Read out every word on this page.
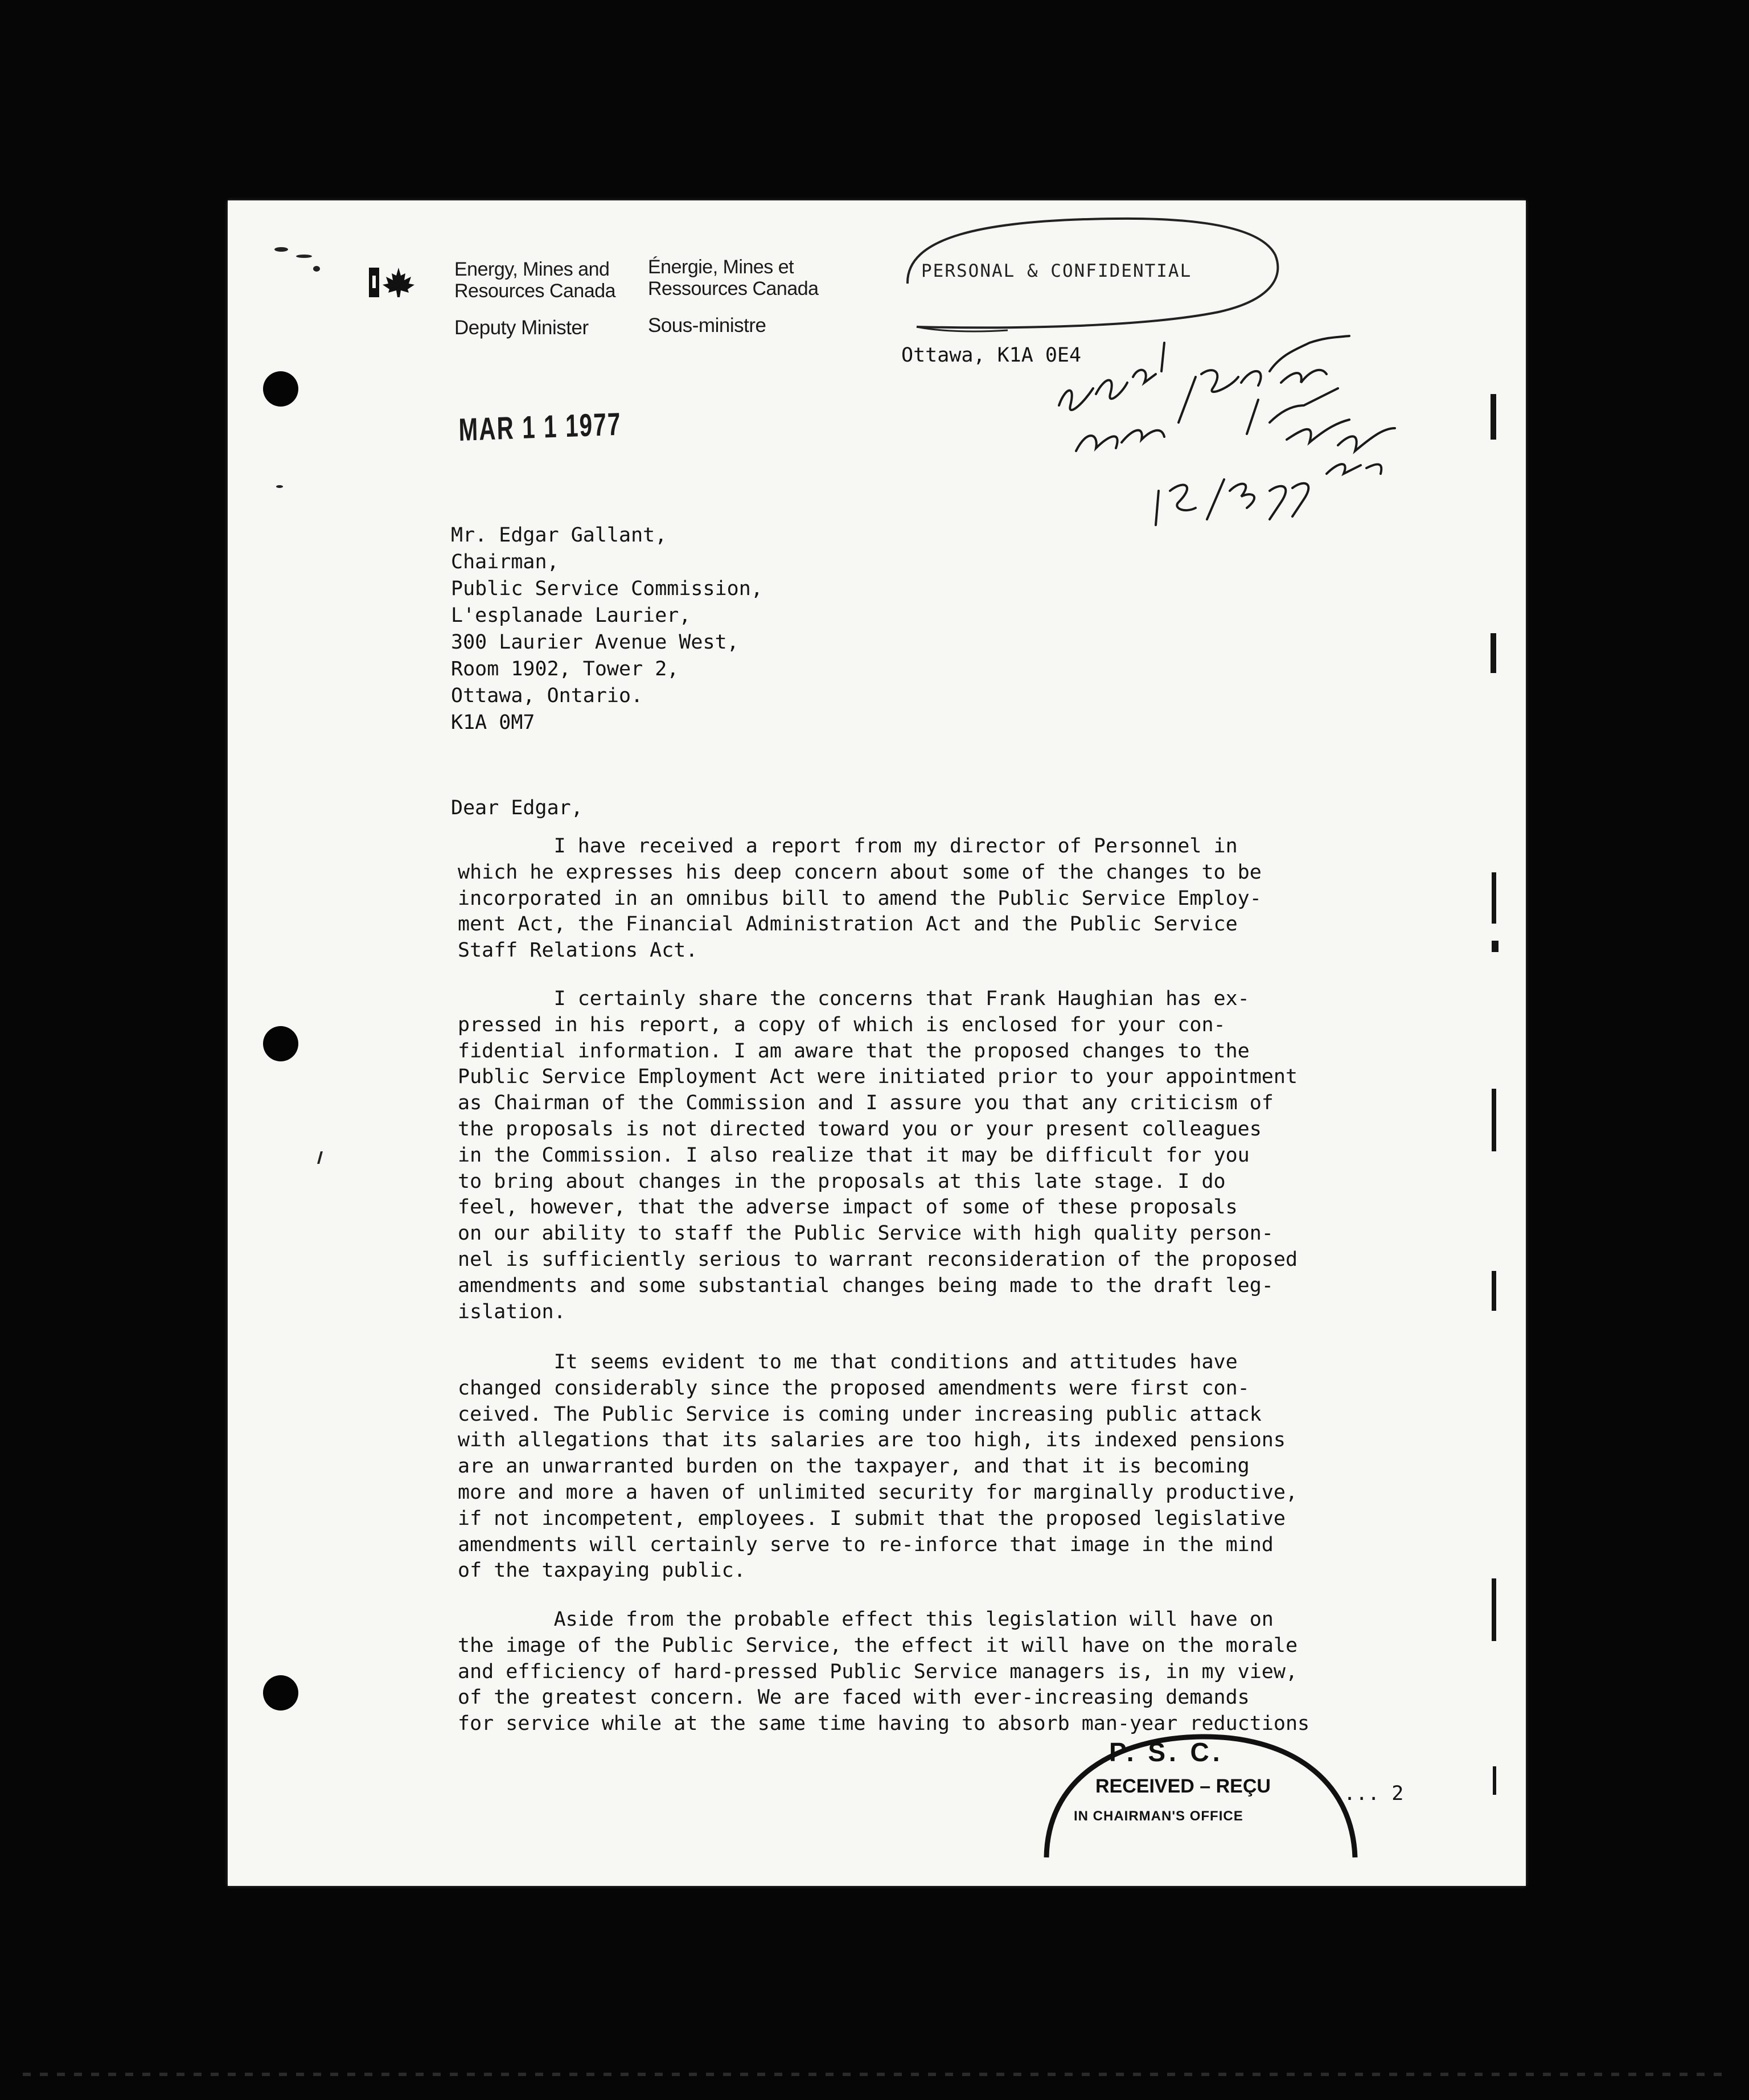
Energy, Mines and
Resources Canada
Énergie, Mines et
Ressources Canada
Deputy Minister	Sous-ministre
PERSONAL & CONFIDENTIAL
Ottawa, K1A 0E4
MAR 1 1 1977
Mr. Edgar Gallant,
Chairman,
Public Service Commission,
L'esplanade Laurier,
300 Laurier Avenue West,
Room 1902, Tower 2,
Ottawa, Ontario.
K1A 0M7
Dear Edgar,
I have received a report from my director of Personnel in
which he expresses his deep concern about some of the changes to be
incorporated in an omnibus bill to amend the Public Service Employ-
ment Act, the Financial Administration Act and the Public Service
Staff Relations Act.
I certainly share the concerns that Frank Haughian has ex-
pressed in his report, a copy of which is enclosed for your con-
fidential information. I am aware that the proposed changes to the
Public Service Employment Act were initiated prior to your appointment
as Chairman of the Commission and I assure you that any criticism of
the proposals is not directed toward you or your present colleagues
in the Commission. I also realize that it may be difficult for you
to bring about changes in the proposals at this late stage. I do
feel, however, that the adverse impact of some of these proposals
on our ability to staff the Public Service with high quality person-
nel is sufficiently serious to warrant reconsideration of the proposed
amendments and some substantial changes being made to the draft leg-
islation.
It seems evident to me that conditions and attitudes have
changed considerably since the proposed amendments were first con-
ceived. The Public Service is coming under increasing public attack
with allegations that its salaries are too high, its indexed pensions
are an unwarranted burden on the taxpayer, and that it is becoming
more and more a haven of unlimited security for marginally productive,
if not incompetent, employees. I submit that the proposed legislative
amendments will certainly serve to re-inforce that image in the mind
of the taxpaying public.
Aside from the probable effect this legislation will have on
the image of the Public Service, the effect it will have on the morale
and efficiency of hard-pressed Public Service managers is, in my view,
of the greatest concern. We are faced with ever-increasing demands
for service while at the same time having to absorb man-year reductions
P. S. C.
RECEIVED – REÇU
IN CHAIRMAN'S OFFICE
... 2
